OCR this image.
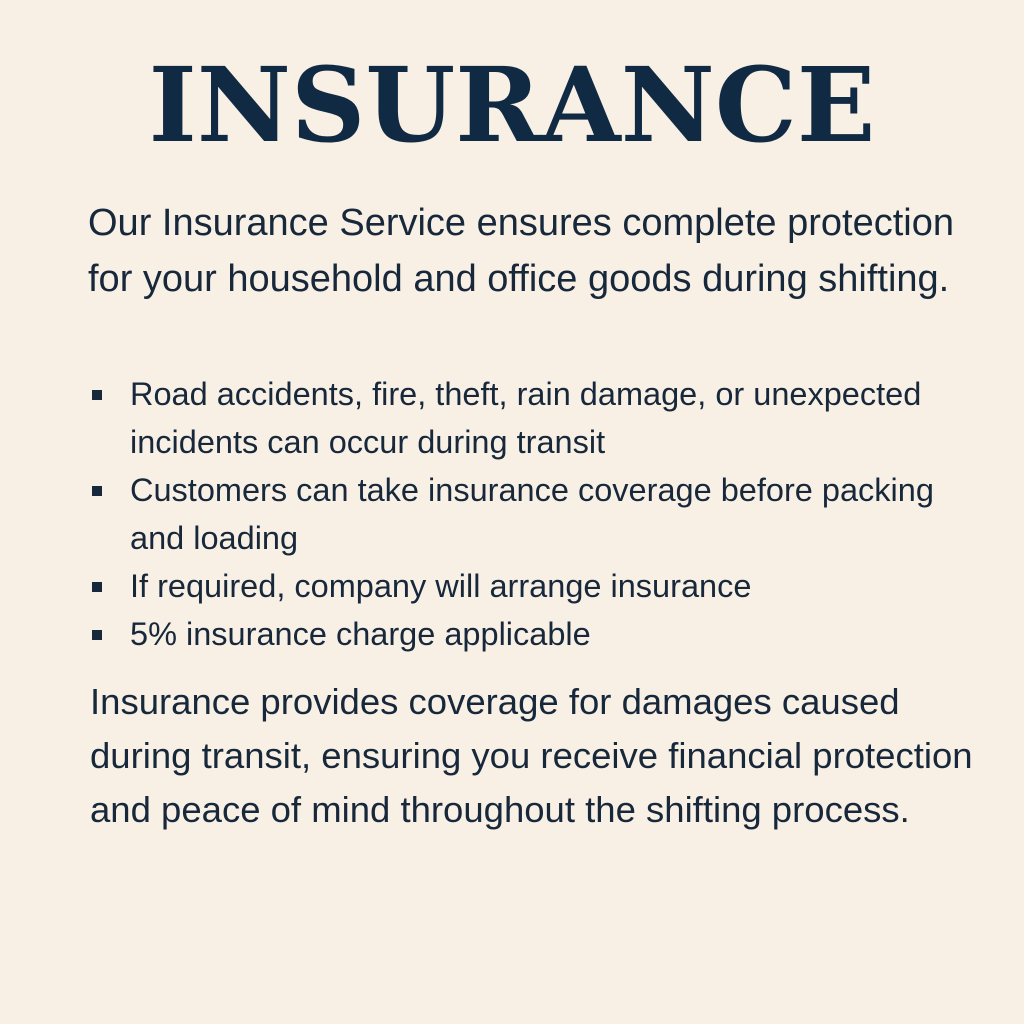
INSURANCE

Our Insurance Service ensures complete protection for your household and office goods during shifting.

Road accidents, fire, theft, rain damage, or unexpected incidents can occur during transit
Customers can take insurance coverage before packing and loading
If required, company will arrange insurance
5% insurance charge applicable

Insurance provides coverage for damages caused during transit, ensuring you receive financial protection and peace of mind throughout the shifting process.
